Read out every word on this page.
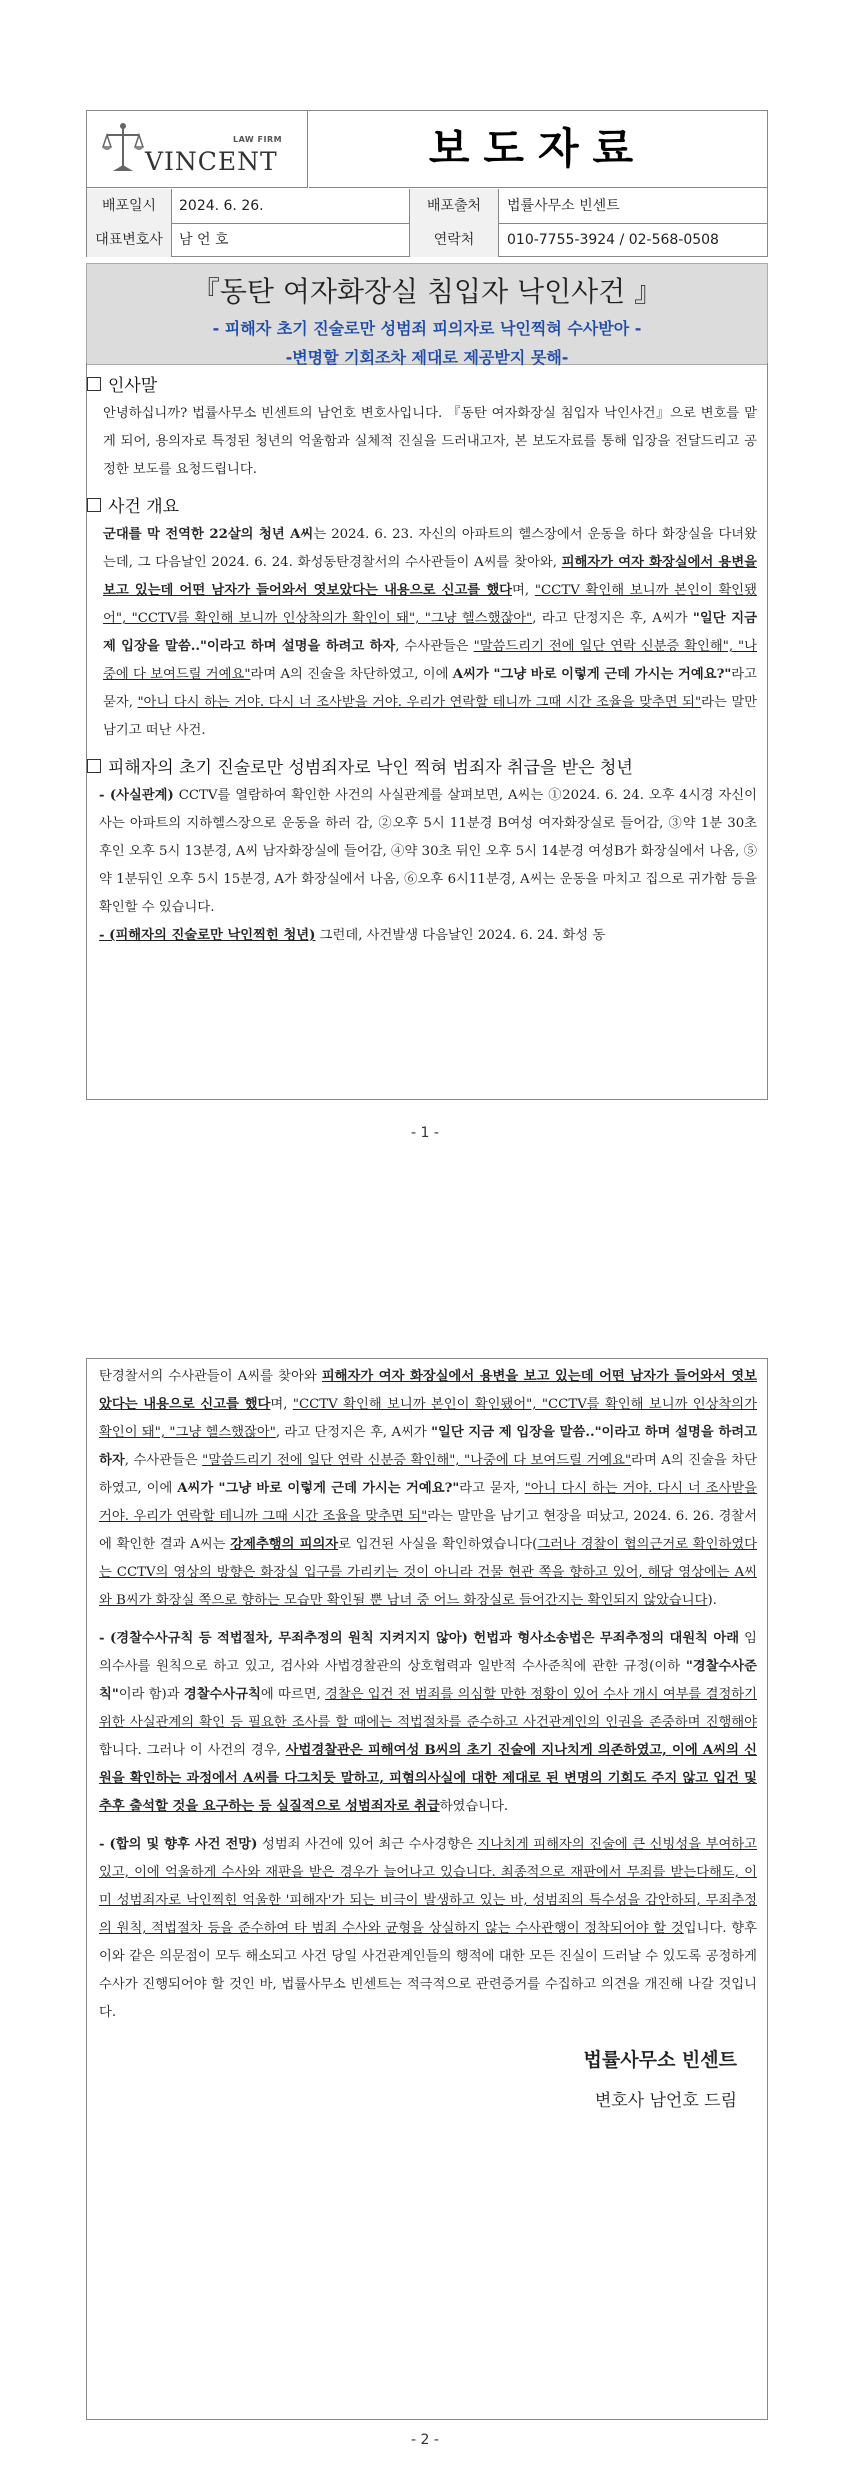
LAW FIRM
VINCENT	보도자료
배포일시	2024. 6. 26.	배포출처	법률사무소 빈센트
대표변호사	남 언 호	연락처	010-7755-3924 / 02-568-0508
『동탄 여자화장실 침입자 낙인사건 』
- 피해자 초기 진술로만 성범죄 피의자로 낙인찍혀 수사받아 -
-변명할 기회조차 제대로 제공받지 못해-
인사말

안녕하십니까? 법률사무소 빈센트의 남언호 변호사입니다. 『동탄 여자화장실 침입자 낙인사건』으로 변호를 맡게 되어, 용의자로 특정된 청년의 억울함과 실체적 진실을 드러내고자, 본 보도자료를 통해 입장을 전달드리고 공정한 보도를 요청드립니다.

사건 개요

군대를 막 전역한 22살의 청년 A씨는 2024. 6. 23. 자신의 아파트의 헬스장에서 운동을 하다 화장실을 다녀왔는데, 그 다음날인 2024. 6. 24. 화성동탄경찰서의 수사관들이 A씨를 찾아와, 피해자가 여자 화장실에서 용변을 보고 있는데 어떤 남자가 들어와서 엿보았다는 내용으로 신고를 했다며, "CCTV 확인해 보니까 본인이 확인됐어", "CCTV를 확인해 보니까 인상착의가 확인이 돼", "그냥 헬스했잖아", 라고 단정지은 후, A씨가 "일단 지금 제 입장을 말씀.."이라고 하며 설명을 하려고 하자, 수사관들은 "말씀드리기 전에 일단 연락 신분증 확인해", "나중에 다 보여드릴 거예요"라며 A의 진술을 차단하였고, 이에 A씨가 "그냥 바로 이렇게 근데 가시는 거예요?"라고 묻자, "아니 다시 하는 거야. 다시 너 조사받을 거야. 우리가 연락할 테니까 그때 시간 조율을 맞추면 되"라는 말만 남기고 떠난 사건.

피해자의 초기 진술로만 성범죄자로 낙인 찍혀 범죄자 취급을 받은 청년

- (사실관계) CCTV를 열람하여 확인한 사건의 사실관계를 살펴보면, A씨는 ①2024. 6. 24. 오후 4시경 자신이 사는 아파트의 지하헬스장으로 운동을 하러 감, ②오후 5시 11분경 B여성 여자화장실로 들어감, ③약 1분 30초 후인 오후 5시 13분경, A씨 남자화장실에 들어감, ④약 30초 뒤인 오후 5시 14분경 여성B가 화장실에서 나옴, ⑤약 1분뒤인 오후 5시 15분경, A가 화장실에서 나옴, ⑥오후 6시11분경, A씨는 운동을 마치고 집으로 귀가함 등을 확인할 수 있습니다.

- (피해자의 진술로만 낙인찍힌 청년) 그런데, 사건발생 다음날인 2024. 6. 24. 화성 동

- 1 -

탄경찰서의 수사관들이 A씨를 찾아와 피해자가 여자 화장실에서 용변을 보고 있는데 어떤 남자가 들어와서 엿보았다는 내용으로 신고를 했다며, "CCTV 확인해 보니까 본인이 확인됐어", "CCTV를 확인해 보니까 인상착의가 확인이 돼", "그냥 헬스했잖아", 라고 단정지은 후, A씨가 "일단 지금 제 입장을 말씀.."이라고 하며 설명을 하려고 하자, 수사관들은 "말씀드리기 전에 일단 연락 신분증 확인해", "나중에 다 보여드릴 거예요"라며 A의 진술을 차단하였고, 이에 A씨가 "그냥 바로 이렇게 근데 가시는 거예요?"라고 묻자, "아니 다시 하는 거야. 다시 너 조사받을 거야. 우리가 연락할 테니까 그때 시간 조율을 맞추면 되"라는 말만을 남기고 현장을 떠났고, 2024. 6. 26. 경찰서에 확인한 결과 A씨는 강제추행의 피의자로 입건된 사실을 확인하였습니다(그러나 경찰이 협의근거로 확인하였다는 CCTV의 영상의 방향은 화장실 입구를 가리키는 것이 아니라 건물 현관 쪽을 향하고 있어, 해당 영상에는 A씨와 B씨가 화장실 쪽으로 향하는 모습만 확인될 뿐 남녀 중 어느 화장실로 들어간지는 확인되지 않았습니다).

- (경찰수사규칙 등 적법절차, 무죄추정의 원칙 지켜지지 않아) 헌법과 형사소송법은 무죄추정의 대원칙 아래 임의수사를 원칙으로 하고 있고, 검사와 사법경찰관의 상호협력과 일반적 수사준칙에 관한 규정(이하 "경찰수사준칙"이라 함)과 경찰수사규칙에 따르면, 경찰은 입건 전 범죄를 의심할 만한 정황이 있어 수사 개시 여부를 결정하기 위한 사실관계의 확인 등 필요한 조사를 할 때에는 적법절차를 준수하고 사건관계인의 인권을 존중하며 진행해야 합니다. 그러나 이 사건의 경우, 사법경찰관은 피해여성 B씨의 초기 진술에 지나치게 의존하였고, 이에 A씨의 신원을 확인하는 과정에서 A씨를 다그치듯 말하고, 피혐의사실에 대한 제대로 된 변명의 기회도 주지 않고 입건 및 추후 출석할 것을 요구하는 등 실질적으로 성범죄자로 취급하였습니다.

- (합의 및 향후 사건 전망) 성범죄 사건에 있어 최근 수사경향은 지나치게 피해자의 진술에 큰 신빙성을 부여하고 있고, 이에 억울하게 수사와 재판을 받은 경우가 늘어나고 있습니다. 최종적으로 재판에서 무죄를 받는다해도, 이미 성범죄자로 낙인찍힌 억울한 '피해자'가 되는 비극이 발생하고 있는 바, 성범죄의 특수성을 감안하되, 무죄추정의 원칙, 적법절차 등을 준수하여 타 범죄 수사와 균형을 상실하지 않는 수사관행이 정착되어야 할 것입니다. 향후 이와 같은 의문점이 모두 해소되고 사건 당일 사건관계인들의 행적에 대한 모든 진실이 드러날 수 있도록 공정하게 수사가 진행되어야 할 것인 바, 법률사무소 빈센트는 적극적으로 관련증거를 수집하고 의견을 개진해 나갈 것입니다.

법률사무소 빈센트
변호사 남언호 드림
- 2 -
